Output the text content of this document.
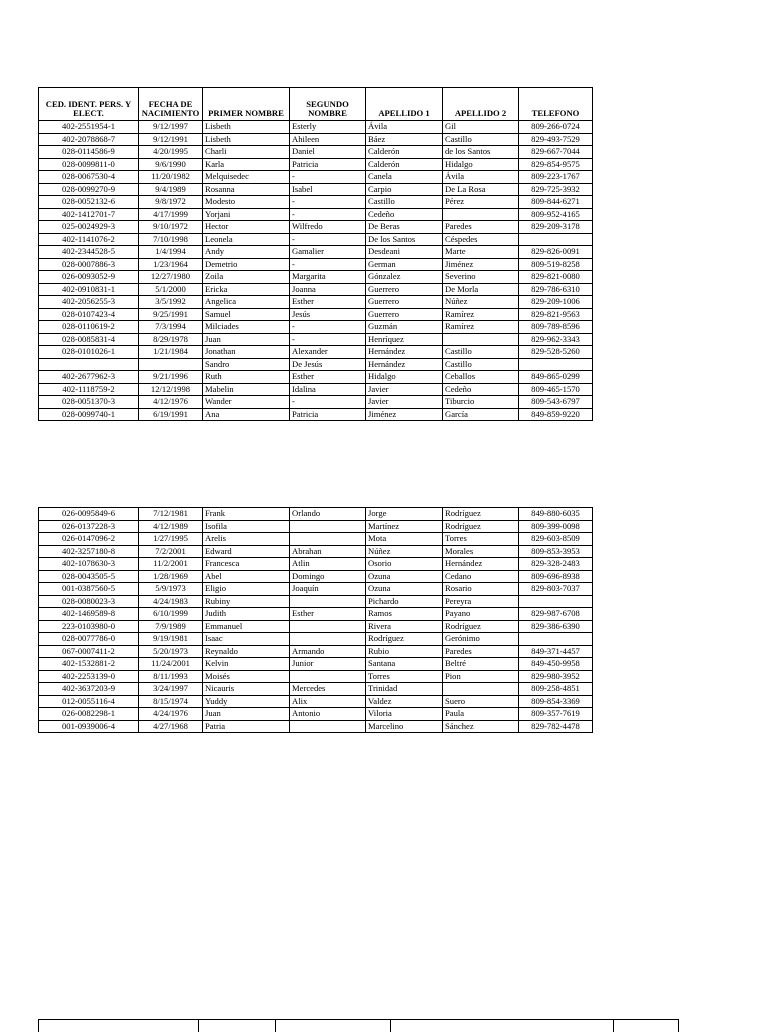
CED. IDENT. PERS. Y ELECT.	FECHA DE NACIMIENTO	PRIMER NOMBRE	SEGUNDO NOMBRE	APELLIDO 1	APELLIDO 2	TELEFONO
402-2551954-1	9/12/1997	Lisbeth	Esterly	Ávila	Gil	809-266-0724
402-2078868-7	9/12/1991	Lisbeth	Ahileen	Báez	Castillo	829-493-7529
028-0114586-9	4/20/1995	Charli	Daniel	Calderón	de los Santos	829-667-7044
028-0099811-0	9/6/1990	Karla	Patricia	Calderón	Hidalgo	829-854-9575
028-0067530-4	11/20/1982	Melquisedec	-	Canela	Ávila	809-223-1767
028-0099270-9	9/4/1989	Rosanna	Isabel	Carpio	De La Rosa	829-725-3932
028-0052132-6	9/8/1972	Modesto	-	Castillo	Pérez	809-844-6271
402-1412701-7	4/17/1999	Yorjani	-	Cedeño		809-952-4165
025-0024929-3	9/10/1972	Hector	Wilfredo	De Beras	Paredes	829-209-3178
402-1141076-2	7/10/1998	Leonela	-	De los Santos	Céspedes	
402-2344528-5	1/4/1994	Andy	Gamalier	Desdeani	Marte	829-826-0091
028-0007886-3	1/23/1964	Demetrio	-	German	Jiménez	809-519-8258
026-0093052-9	12/27/1980	Zoila	Margarita	Gónzalez	Severino	829-821-0080
402-0910831-1	5/1/2000	Ericka	Joanna	Guerrero	De Morla	829-786-6310
402-2056255-3	3/5/1992	Angelica	Esther	Guerrero	Núñez	829-209-1006
028-0107423-4	9/25/1991	Samuel	Jesús	Guerrero	Ramírez	829-821-9563
028-0110619-2	7/3/1994	Milciades	-	Guzmán	Ramírez	809-789-8596
028-0085831-4	8/29/1978	Juan	-	Henríquez		829-962-3343
028-0101026-1	1/21/1984	Jonathan	Alexander	Hernández	Castillo	829-528-5260
		Sandro	De Jesús	Hernández	Castillo	
402-2677962-3	9/21/1996	Ruth	Esther	Hidalgo	Ceballos	849-865-0299
402-1118759-2	12/12/1998	Mabelin	Idalina	Javier	Cedeño	809-465-1570
028-0051370-3	4/12/1976	Wander	-	Javier	Tiburcio	809-543-6797
028-0099740-1	6/19/1991	Ana	Patricia	Jiménez	García	849-859-9220
026-0095849-6	7/12/1981	Frank	Orlando	Jorge	Rodríguez	849-880-6035
026-0137228-3	4/12/1989	Isofila		Martínez	Rodríguez	809-399-0098
026-0147096-2	1/27/1995	Arelis		Mota	Torres	829-603-8509
402-3257180-8	7/2/2001	Edward	Abrahan	Núñez	Morales	809-853-3953
402-1078630-3	11/2/2001	Francesca	Atlin	Osorio	Hernández	829-328-2483
028-0043505-5	1/28/1969	Abel	Domingo	Ozuna	Cedano	809-696-8938
001-0387560-5	5/9/1973	Eligio	Joaquín	Ozuna	Rosario	829-803-7037
028-0080023-3	4/24/1983	Rubiny		Pichardo	Pereyra	
402-1469589-8	6/10/1999	Judith	Esther	Ramos	Payano	829-987-6708
223-0103980-0	7/9/1989	Emmanuel		Rivera	Rodríguez	829-386-6390
028-0077786-0	9/19/1981	Isaac		Rodríguez	Gerónimo	
067-0007411-2	5/20/1973	Reynaldo	Armando	Rubio	Paredes	849-371-4457
402-1532881-2	11/24/2001	Kelvin	Junior	Santana	Beltré	849-450-9958
402-2253139-0	8/11/1993	Moisés		Torres	Pion	829-980-3952
402-3637203-9	3/24/1997	Nicauris	Mercedes	Trinidad		809-258-4851
012-0055116-4	8/15/1974	Yuddy	Alix	Valdez	Suero	809-854-3369
026-0082298-1	4/24/1976	Juan	Antonio	Viloria	Paula	809-357-7619
001-0939006-4	4/27/1968	Patria		Marcelino	Sánchez	829-782-4478
